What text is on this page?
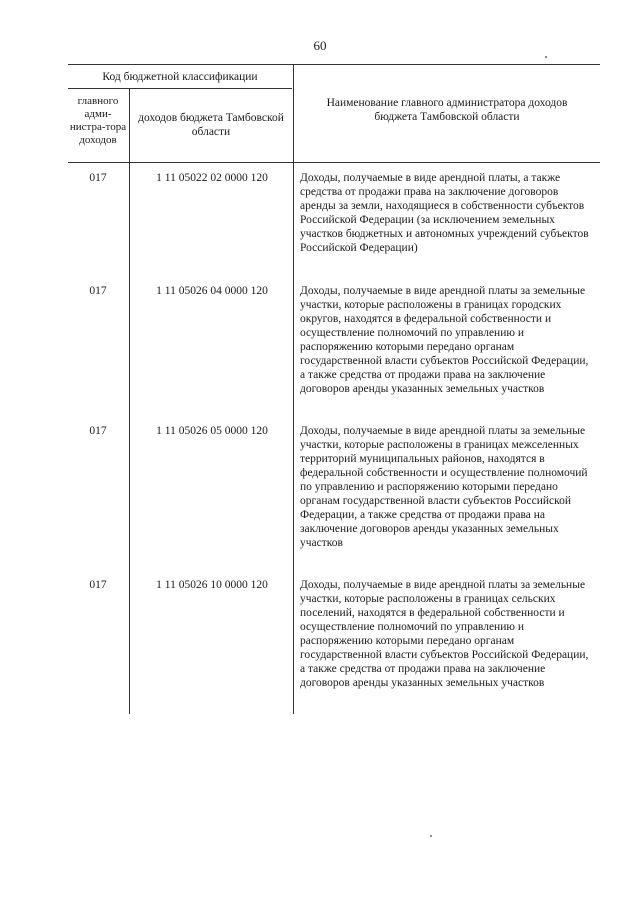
60
Код бюджетной классификации
главного адми-нистра-тора доходов
доходов бюджета Тамбовской области
Наименование главного администратора доходов бюджета Тамбовской области
017	1 11 05022 02 0000 120	Доходы, получаемые в виде арендной платы, а также средства от продажи права на заключение договоров аренды за земли, находящиеся в собственности субъектов Российской Федерации (за исключением земельных участков бюджетных и автономных учреждений субъектов Российской Федерации)
017	1 11 05026 04 0000 120	Доходы, получаемые в виде арендной платы за земельные участки, которые расположены в границах городских округов, находятся в федеральной собственности и осуществление полномочий по управлению и распоряжению которыми передано органам государственной власти субъектов Российской Федерации, а также средства от продажи права на заключение договоров аренды указанных земельных участков
017	1 11 05026 05 0000 120	Доходы, получаемые в виде арендной платы за земельные участки, которые расположены в границах межселенных территорий муниципальных районов, находятся в федеральной собственности и осуществление полномочий по управлению и распоряжению которыми передано органам государственной власти субъектов Российской Федерации, а также средства от продажи права на заключение договоров аренды указанных земельных участков
017	1 11 05026 10 0000 120	Доходы, получаемые в виде арендной платы за земельные участки, которые расположены в границах сельских поселений, находятся в федеральной собственности и осуществление полномочий по управлению и распоряжению которыми передано органам государственной власти субъектов Российской Федерации, а также средства от продажи права на заключение договоров аренды указанных земельных участков
